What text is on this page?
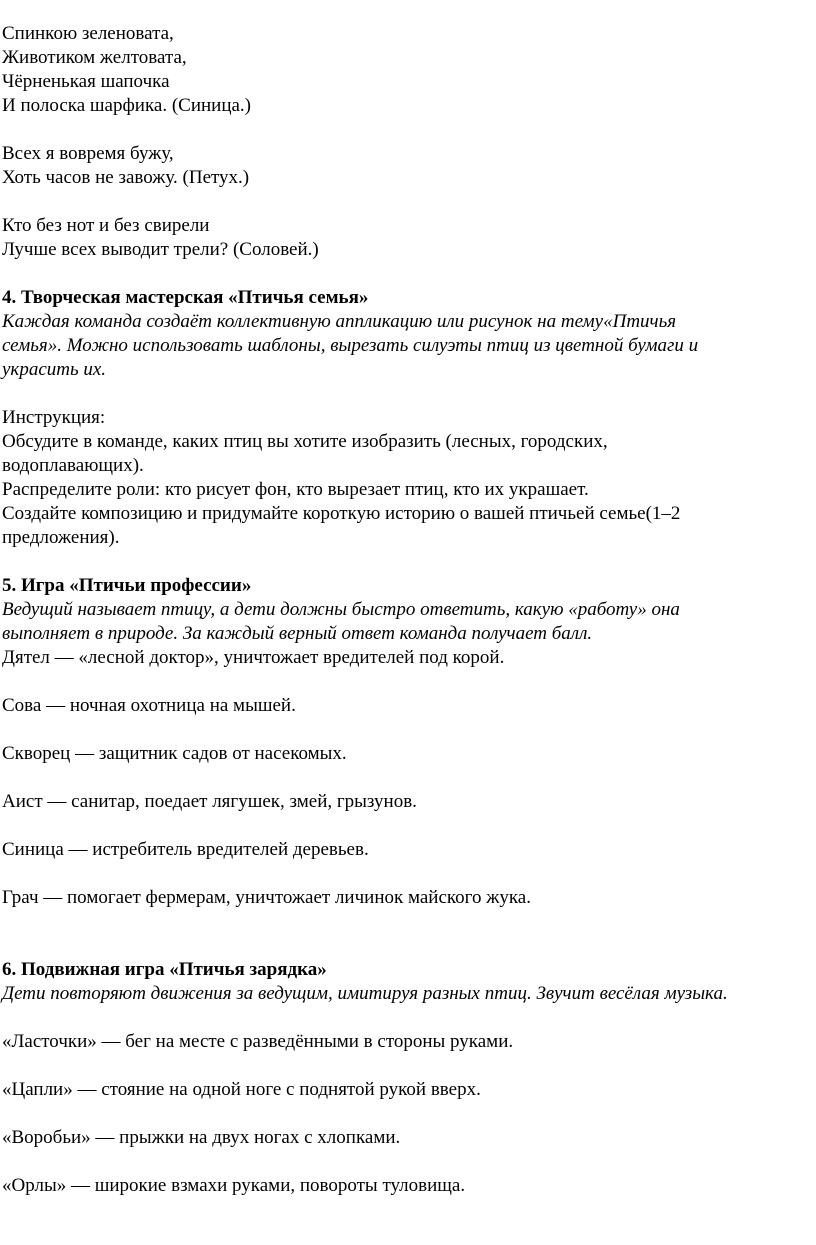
Спинкою зеленовата,
Животиком желтовата,
Чёрненькая шапочка
И полоска шарфика. (Синица.)
Всех я вовремя бужу,
Хоть часов не завожу. (Петух.)
Кто без нот и без свирели
Лучше всех выводит трели? (Соловей.)
4. Творческая мастерская «Птичья семья»
Каждая команда создаёт коллективную аппликацию или рисунок на тему«Птичья
семья». Можно использовать шаблоны, вырезать силуэты птиц из цветной бумаги и
украсить их.
Инструкция:
Обсудите в команде, каких птиц вы хотите изобразить (лесных, городских,
водоплавающих).
Распределите роли: кто рисует фон, кто вырезает птиц, кто их украшает.
Создайте композицию и придумайте короткую историю о вашей птичьей семье(1–2
предложения).
5. Игра «Птичьи профессии»
Ведущий называет птицу, а дети должны быстро ответить, какую «работу» она
выполняет в природе. За каждый верный ответ команда получает балл.
Дятел — «лесной доктор», уничтожает вредителей под корой.
Сова — ночная охотница на мышей.
Скворец — защитник садов от насекомых.
Аист — санитар, поедает лягушек, змей, грызунов.
Синица — истребитель вредителей деревьев.
Грач — помогает фермерам, уничтожает личинок майского жука.
6. Подвижная игра «Птичья зарядка»
Дети повторяют движения за ведущим, имитируя разных птиц. Звучит весёлая музыка.
«Ласточки» — бег на месте с разведёнными в стороны руками.
«Цапли» — стояние на одной ноге с поднятой рукой вверх.
«Воробьи» — прыжки на двух ногах с хлопками.
«Орлы» — широкие взмахи руками, повороты туловища.
